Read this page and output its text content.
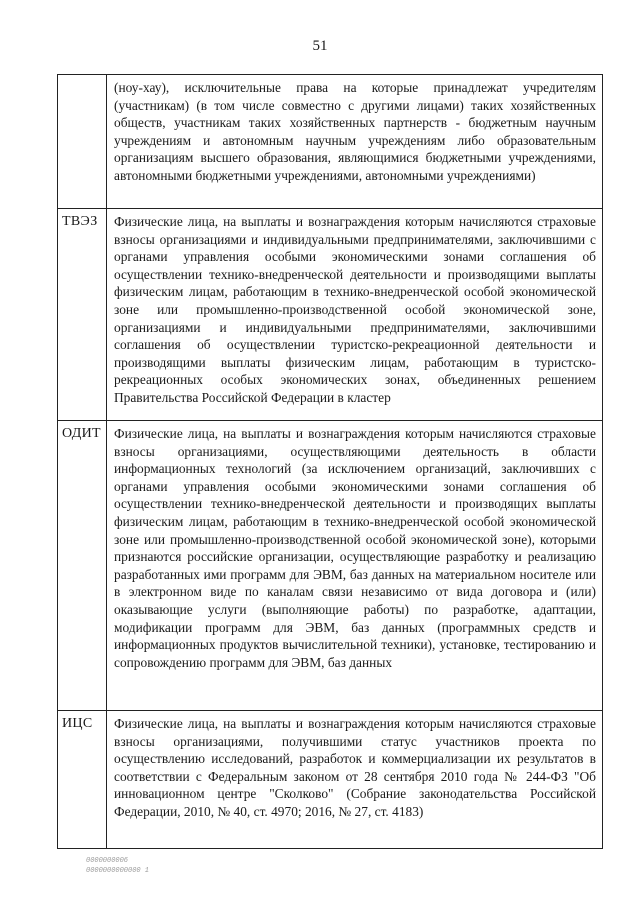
51
	(ноу-хау), исключительные права на которые принадлежат учредителям (участникам) (в том числе совместно с другими лицами) таких хозяйственных обществ, участникам таких хозяйственных партнерств - бюджетным научным учреждениям и автономным научным учреждениям либо образовательным организациям высшего образования, являющимися бюджетными учреждениями, автономными бюджетными учреждениями, автономными учреждениями)
ТВЭЗ	Физические лица, на выплаты и вознаграждения которым начисляются страховые взносы организациями и индивидуальными предпринимателями, заключившими с органами управления особыми экономическими зонами соглашения об осуществлении технико-внедренческой деятельности и производящими выплаты физическим лицам, работающим в технико-внедренческой особой экономической зоне или промышленно-производственной особой экономической зоне, организациями и индивидуальными предпринимателями, заключившими соглашения об осуществлении туристско-рекреационной деятельности и производящими выплаты физическим лицам, работающим в туристско-рекреационных особых экономических зонах, объединенных решением Правительства Российской Федерации в кластер
ОДИТ	Физические лица, на выплаты и вознаграждения которым начисляются страховые взносы организациями, осуществляющими деятельность в области информационных технологий (за исключением организаций, заключивших с органами управления особыми экономическими зонами соглашения об осуществлении технико-внедренческой деятельности и производящих выплаты физическим лицам, работающим в технико-внедренческой особой экономической зоне или промышленно-производственной особой экономической зоне), которыми признаются российские организации, осуществляющие разработку и реализацию разработанных ими программ для ЭВМ, баз данных на материальном носителе или в электронном виде по каналам связи независимо от вида договора и (или) оказывающие услуги (выполняющие работы) по разработке, адаптации, модификации программ для ЭВМ, баз данных (программных средств и информационных продуктов вычислительной техники), установке, тестированию и сопровождению программ для ЭВМ, баз данных
ИЦС	Физические лица, на выплаты и вознаграждения которым начисляются страховые взносы организациями, получившими статус участников проекта по осуществлению исследований, разработок и коммерциализации их результатов в соответствии с Федеральным законом от 28 сентября 2010 года № 244-ФЗ "Об инновационном центре "Сколково" (Собрание законодательства Российской Федерации, 2010, № 40, ст. 4970; 2016, № 27, ст. 4183)
0000000006
0000000000000 1
